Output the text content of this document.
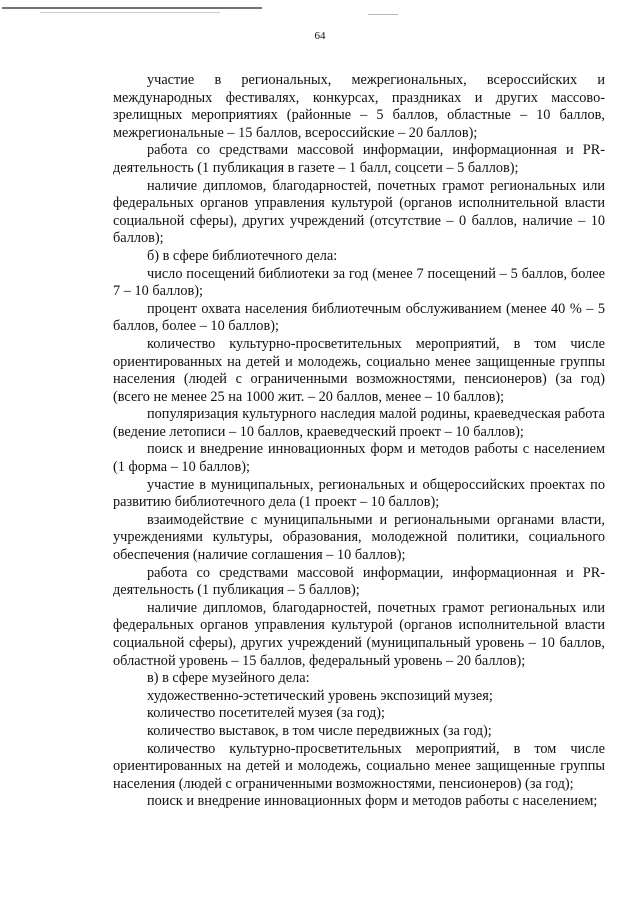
64

участие в региональных, межрегиональных, всероссийских и международных фестивалях, конкурсах, праздниках и других массово-зрелищных мероприятиях (районные – 5 баллов, областные – 10 баллов, межрегиональные – 15 баллов, всероссийские – 20 баллов);

работа со средствами массовой информации, информационная и PR-деятельность (1 публикация в газете – 1 балл, соцсети – 5 баллов);

наличие дипломов, благодарностей, почетных грамот региональных или федеральных органов управления культурой (органов исполнительной власти социальной сферы), других учреждений (отсутствие – 0 баллов, наличие – 10 баллов);

б) в сфере библиотечного дела:

число посещений библиотеки за год (менее 7 посещений – 5 баллов, более 7 – 10 баллов);

процент охвата населения библиотечным обслуживанием (менее 40 % – 5 баллов, более – 10 баллов);

количество культурно-просветительных мероприятий, в том числе ориентированных на детей и молодежь, социально менее защищенные группы населения (людей с ограниченными возможностями, пенсионеров) (за год) (всего не менее 25 на 1000 жит. – 20 баллов, менее – 10 баллов);

популяризация культурного наследия малой родины, краеведческая работа (ведение летописи – 10 баллов, краеведческий проект – 10 баллов);

поиск и внедрение инновационных форм и методов работы с населением (1 форма – 10 баллов);

участие в муниципальных, региональных и общероссийских проектах по развитию библиотечного дела (1 проект – 10 баллов);

взаимодействие с муниципальными и региональными органами власти, учреждениями культуры, образования, молодежной политики, социального обеспечения (наличие соглашения – 10 баллов);

работа со средствами массовой информации, информационная и PR-деятельность (1 публикация – 5 баллов);

наличие дипломов, благодарностей, почетных грамот региональных или федеральных органов управления культурой (органов исполнительной власти социальной сферы), других учреждений (муниципальный уровень – 10 баллов, областной уровень – 15 баллов, федеральный уровень – 20 баллов);

в) в сфере музейного дела:

художественно-эстетический уровень экспозиций музея;

количество посетителей музея (за год);

количество выставок, в том числе передвижных (за год);

количество культурно-просветительных мероприятий, в том числе ориентированных на детей и молодежь, социально менее защищенные группы населения (людей с ограниченными возможностями, пенсионеров) (за год);

поиск и внедрение инновационных форм и методов работы с населением;
